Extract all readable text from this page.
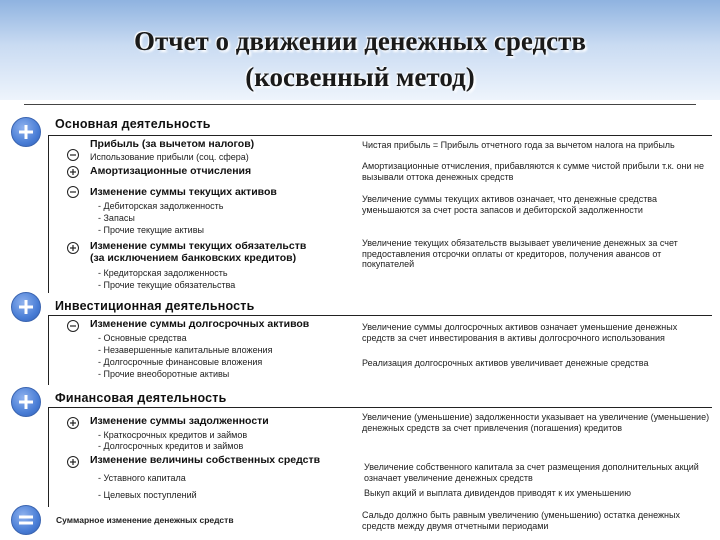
Отчет о движении денежных средств
(косвенный метод)
Основная деятельность
Прибыль (за вычетом налогов)
Использование прибыли (соц. сфера)
Амортизационные отчисления
Изменение суммы текущих активов
- Дебиторская задолженность
- Запасы
- Прочие текущие активы
Изменение суммы текущих обязательств
(за исключением банковских кредитов)
- Кредиторская задолженность
- Прочие текущие обязательства
Чистая прибыль = Прибыль отчетного года за вычетом налога на прибыль
Амортизационные отчисления, прибавляются к сумме чистой прибыли т.к. они не вызывали оттока денежных средств
Увеличение суммы текущих активов означает, что денежные средства уменьшаются за счет роста запасов и дебиторской задолженности
Увеличение текущих обязательств вызывает увеличение денежных за счет предоставления отсрочки оплаты от кредиторов, получения авансов от покупателей
Инвестиционная деятельность
Изменение суммы долгосрочных активов
- Основные средства
- Незавершенные капитальные вложения
- Долгосрочные финансовые вложения
- Прочие внеоборотные активы
Увеличение суммы долгосрочных активов означает уменьшение денежных средств за счет инвестирования в активы долгосрочного использования
Реализация долгосрочных активов увеличивает денежные средства
Финансовая деятельность
Изменение суммы задолженности
- Краткосрочных кредитов и займов
- Долгосрочных кредитов и займов
Изменение величины собственных средств
- Уставного капитала
- Целевых поступлений
Увеличение (уменьшение) задолженности указывает на увеличение (уменьшение) денежных средств за счет привлечения (погашения) кредитов
Увеличение собственного капитала за счет размещения дополнительных акций означает увеличение денежных средств
Выкуп акций и выплата дивидендов приводят к их уменьшению
Суммарное изменение денежных средств	Сальдо должно быть равным увеличению (уменьшению) остатка денежных средств между двумя отчетными периодами
